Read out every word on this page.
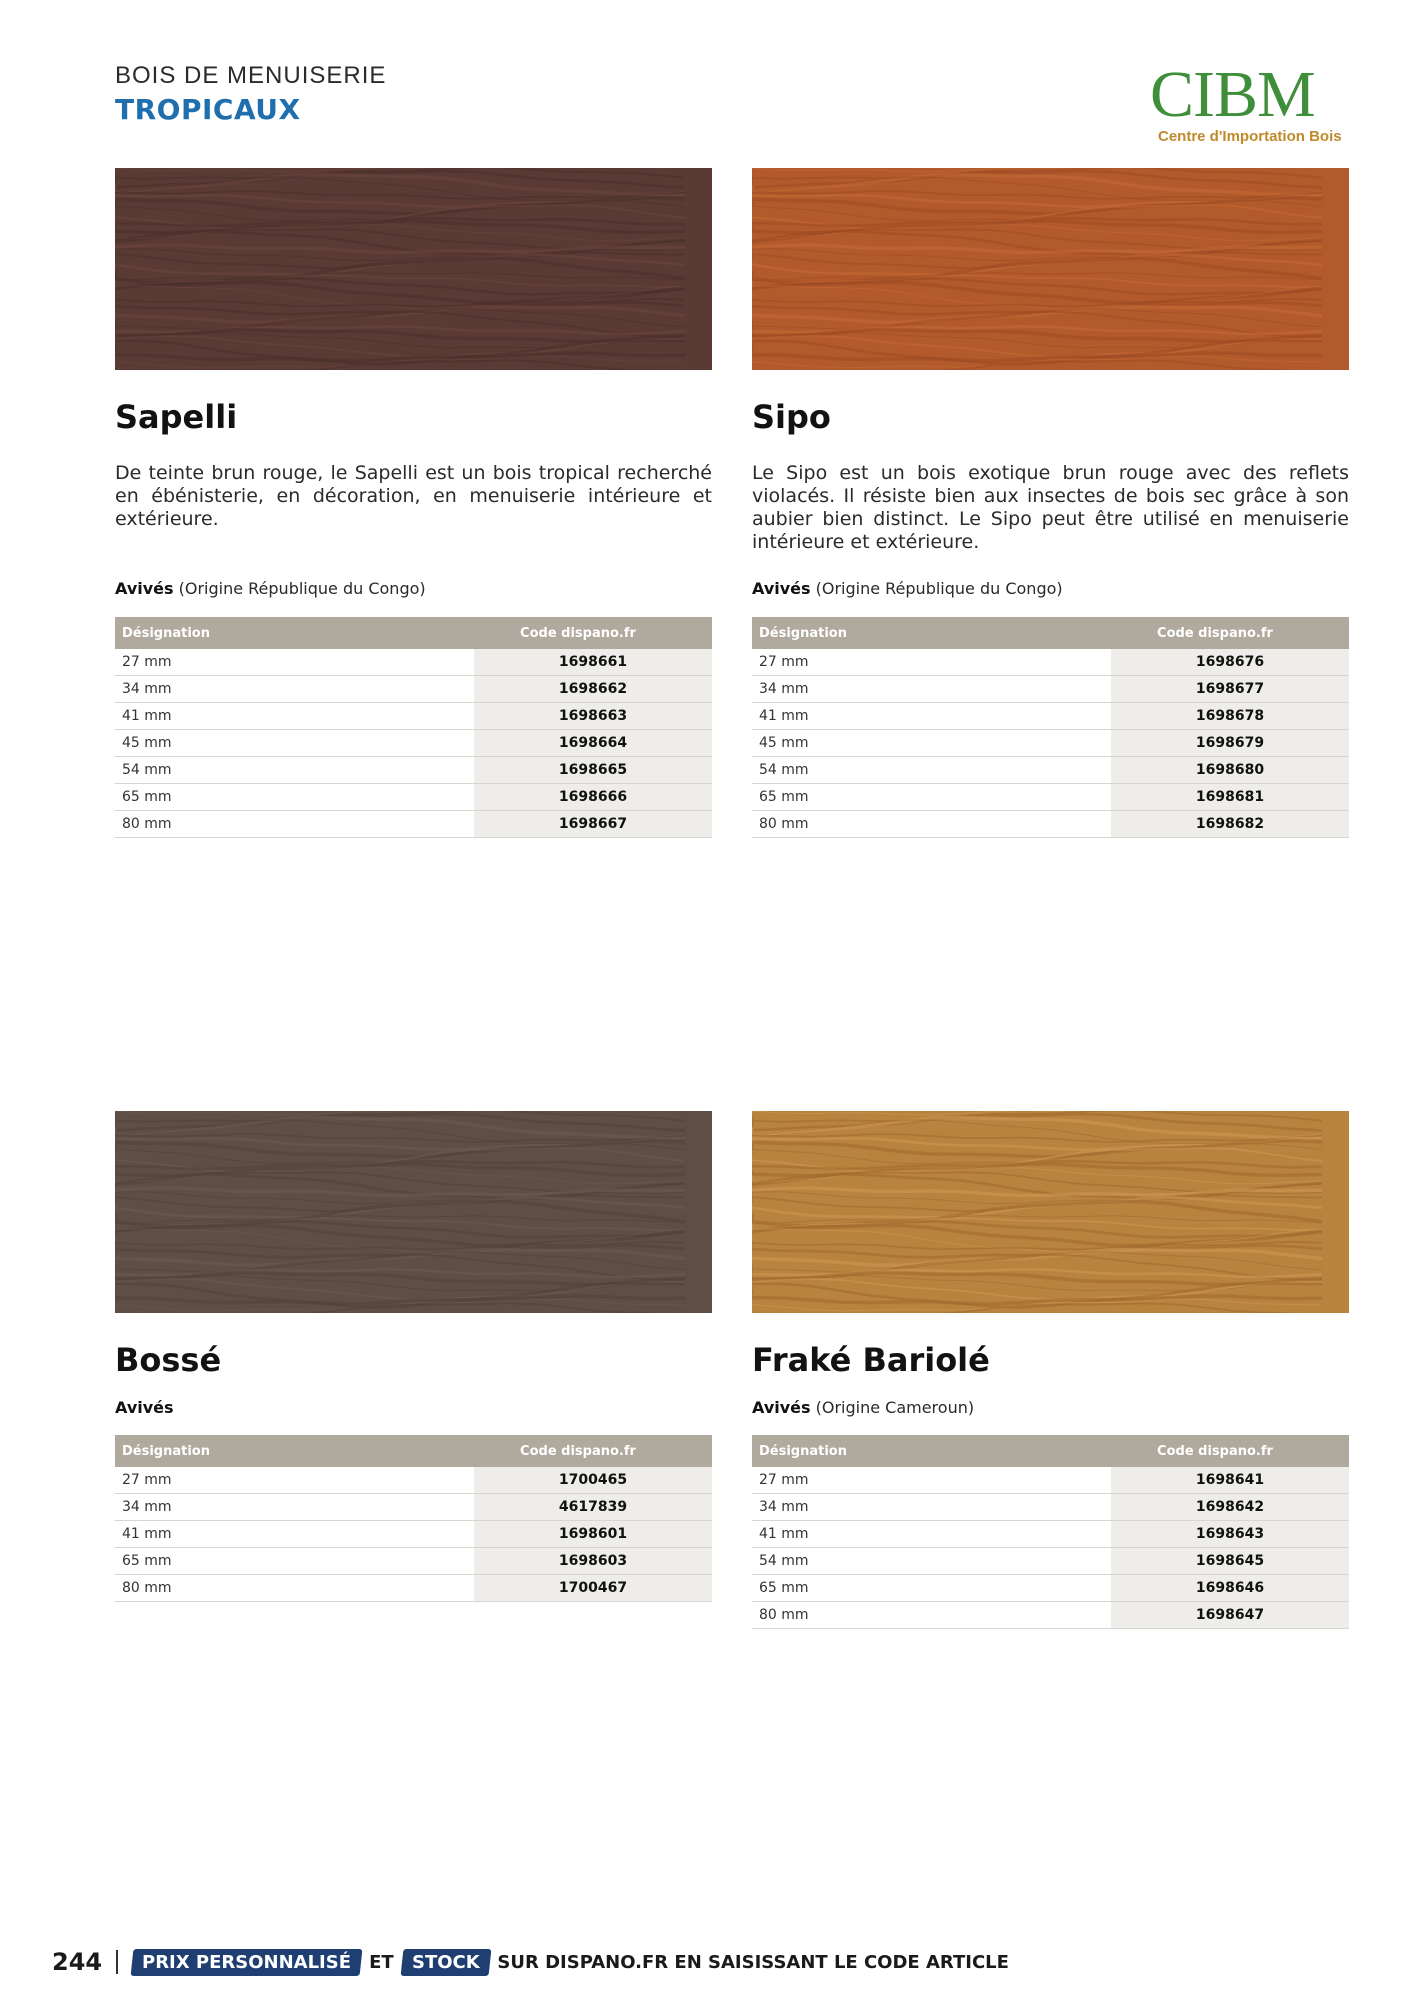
BOIS DE MENUISERIE
TROPICAUX	CIBM
Centre d'Importation Bois
Sapelli

De teinte brun rouge, le Sapelli est un bois tropical recherché en ébénisterie, en décoration, en menuiserie intérieure et extérieure.

Avivés (Origine République du Congo)
Désignation	Code dispano.fr
27 mm	1698661
34 mm	1698662
41 mm	1698663
45 mm	1698664
54 mm	1698665
65 mm	1698666
80 mm	1698667
Sipo

Le Sipo est un bois exotique brun rouge avec des reflets violacés. Il résiste bien aux insectes de bois sec grâce à son aubier bien distinct. Le Sipo peut être utilisé en menuiserie intérieure et extérieure.

Avivés (Origine République du Congo)
Désignation	Code dispano.fr
27 mm	1698676
34 mm	1698677
41 mm	1698678
45 mm	1698679
54 mm	1698680
65 mm	1698681
80 mm	1698682
Bossé
Avivés
Désignation	Code dispano.fr
27 mm	1700465
34 mm	4617839
41 mm	1698601
65 mm	1698603
80 mm	1700467
Fraké Bariolé
Avivés (Origine Cameroun)
Désignation	Code dispano.fr
27 mm	1698641
34 mm	1698642
41 mm	1698643
54 mm	1698645
65 mm	1698646
80 mm	1698647
244	PRIX PERSONNALISÉ	ET	STOCK	SUR DISPANO.FR EN SAISISSANT LE CODE ARTICLE
